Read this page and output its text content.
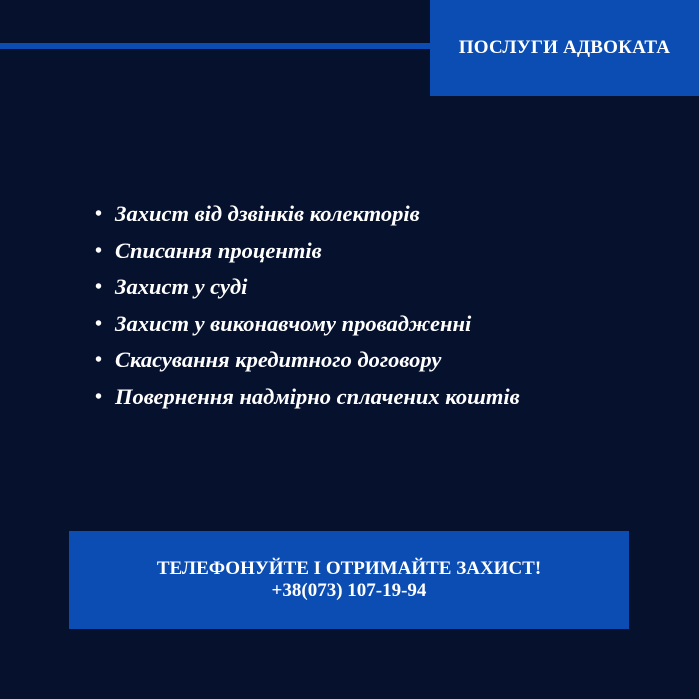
ПОСЛУГИ АДВОКАТА
• Захист від дзвінків колекторів
• Списання процентів
• Захист у суді
• Захист у виконавчому провадженні
• Скасування кредитного договору
• Повернення надмірно сплачених коштів
ТЕЛЕФОНУЙТЕ І ОТРИМАЙТЕ ЗАХИСТ!
+38(073) 107-19-94
